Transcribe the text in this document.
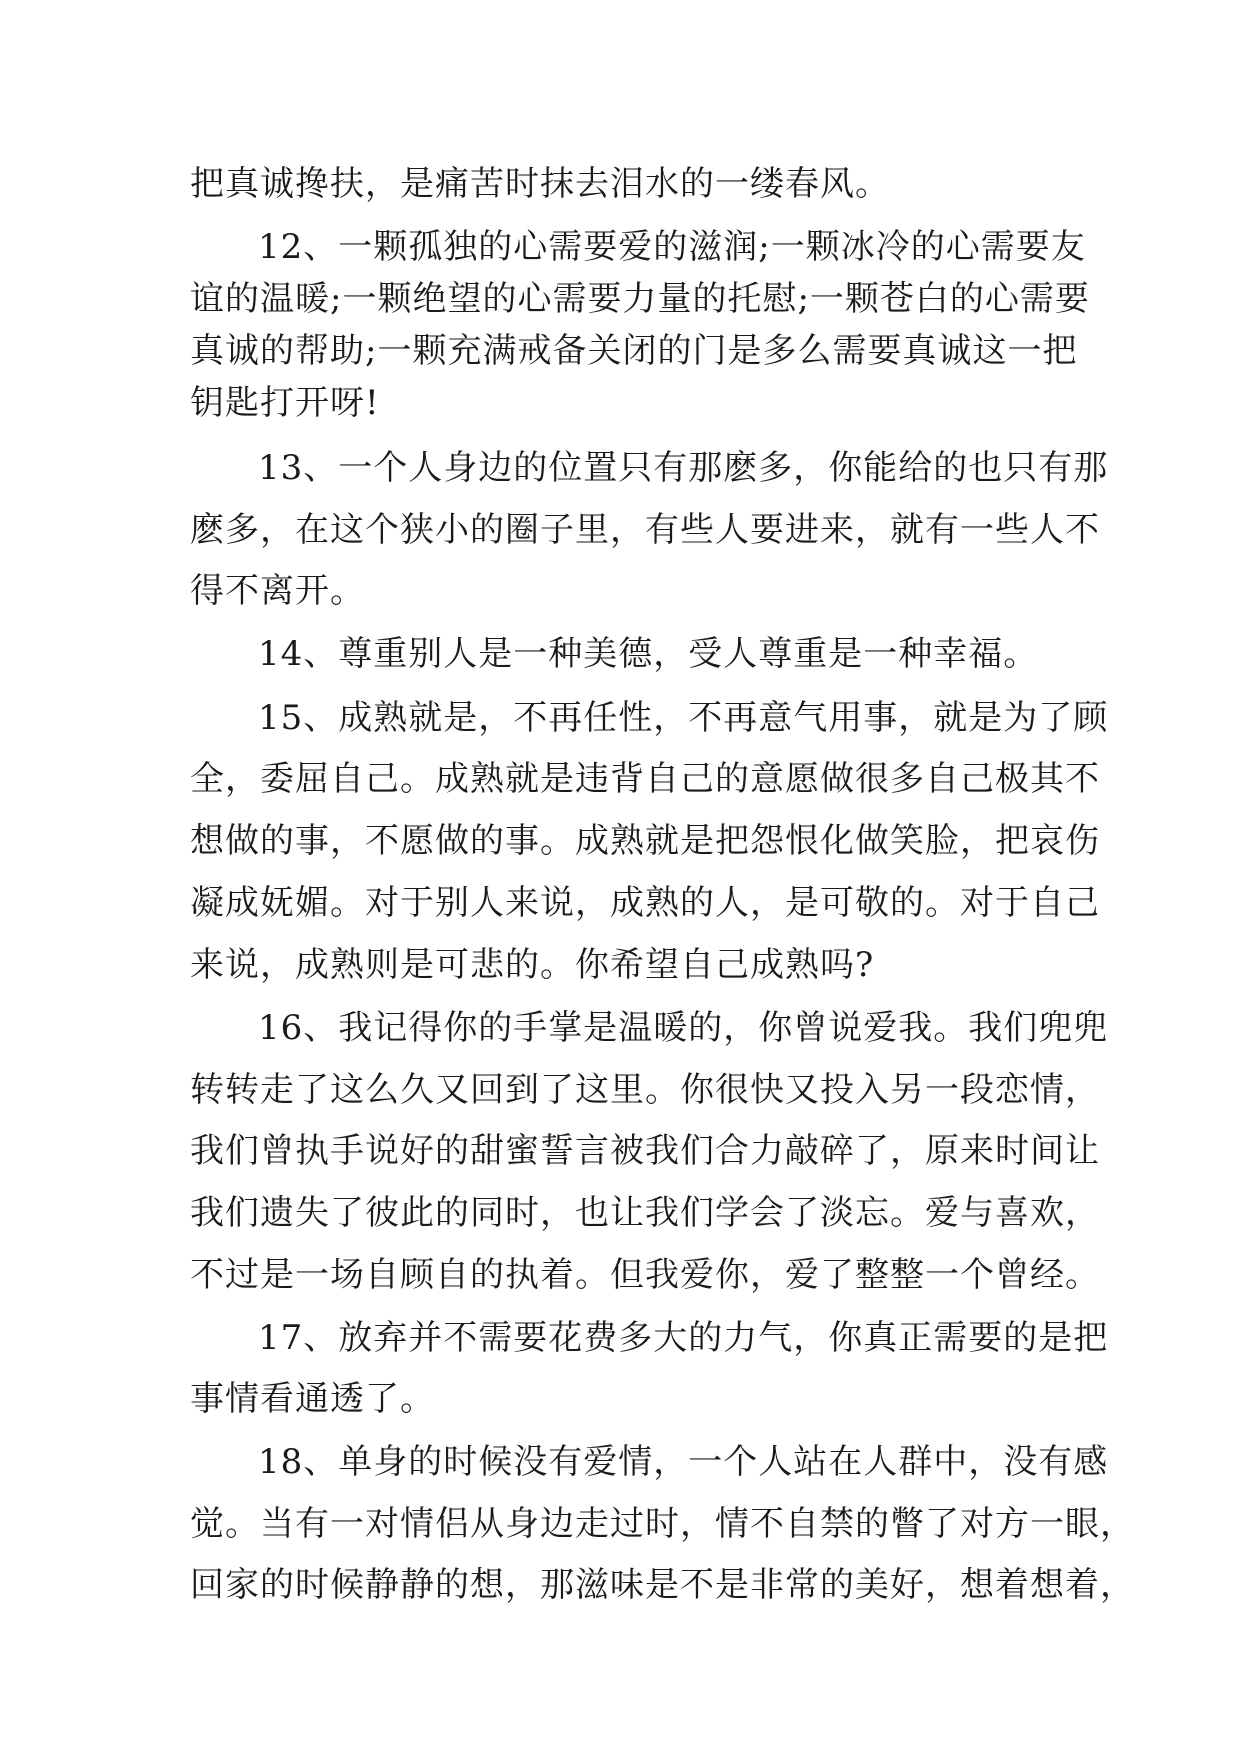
把真诚搀扶，是痛苦时抹去泪水的一缕春风。
12、一颗孤独的心需要爱的滋润;一颗冰冷的心需要友
谊的温暖;一颗绝望的心需要力量的托慰;一颗苍白的心需要
真诚的帮助;一颗充满戒备关闭的门是多么需要真诚这一把
钥匙打开呀!
13、一个人身边的位置只有那麽多，你能给的也只有那
麽多，在这个狭小的圈子里，有些人要进来，就有一些人不
得不离开。
14、尊重别人是一种美德，受人尊重是一种幸福。
15、成熟就是，不再任性，不再意气用事，就是为了顾
全，委屈自己。成熟就是违背自己的意愿做很多自己极其不
想做的事，不愿做的事。成熟就是把怨恨化做笑脸，把哀伤
凝成妩媚。对于别人来说，成熟的人，是可敬的。对于自己
来说，成熟则是可悲的。你希望自己成熟吗?
16、我记得你的手掌是温暖的，你曾说爱我。我们兜兜
转转走了这么久又回到了这里。你很快又投入另一段恋情，
我们曾执手说好的甜蜜誓言被我们合力敲碎了，原来时间让
我们遗失了彼此的同时，也让我们学会了淡忘。爱与喜欢，
不过是一场自顾自的执着。但我爱你，爱了整整一个曾经。
17、放弃并不需要花费多大的力气，你真正需要的是把
事情看通透了。
18、单身的时候没有爱情，一个人站在人群中，没有感
觉。当有一对情侣从身边走过时，情不自禁的瞥了对方一眼，
回家的时候静静的想，那滋味是不是非常的美好，想着想着，
